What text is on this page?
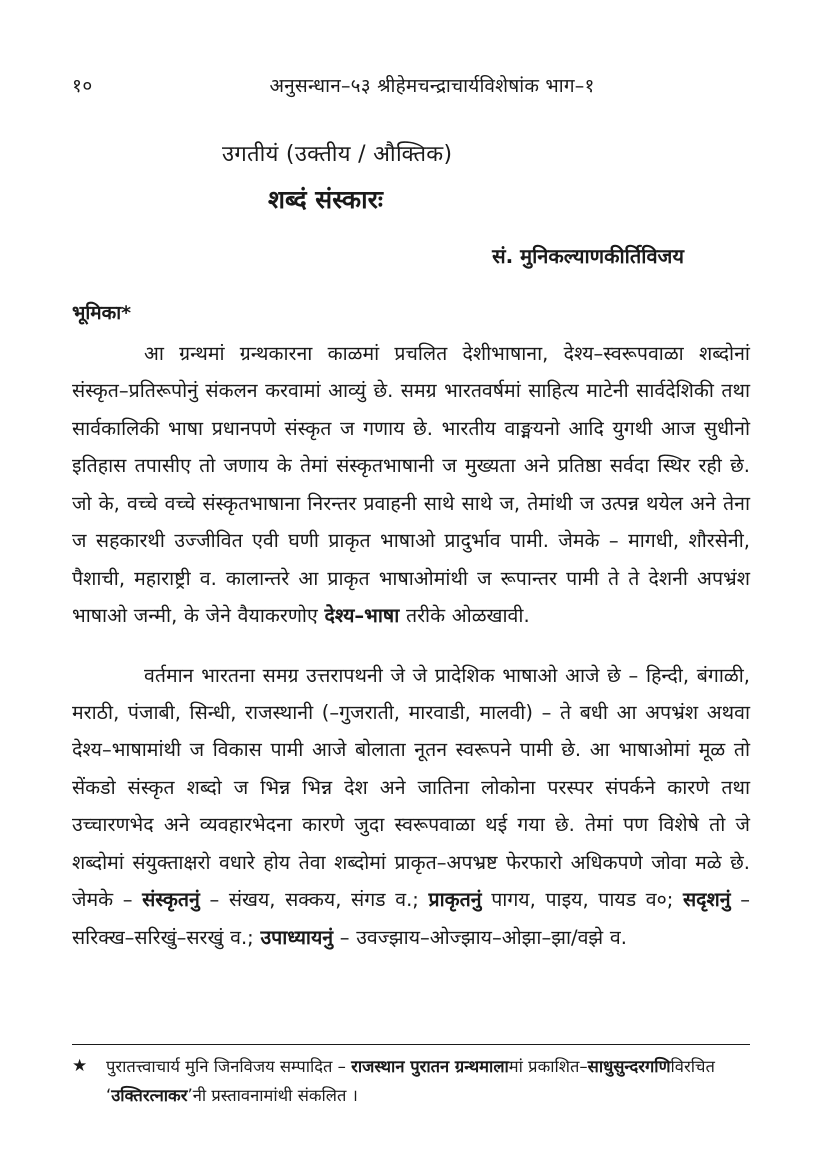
१०	अनुसन्धान–५३ श्रीहेमचन्द्राचार्यविशेषांक भाग–१
उगतीयं (उक्तीय / औक्तिक)
शब्दं संस्कारः
सं. मुनिकल्याणकीर्तिविजय
भूमिका*

आ ग्रन्थमां ग्रन्थकारना काळमां प्रचलित देशीभाषाना, देश्य–स्वरूपवाळा शब्दोनां संस्कृत–प्रतिरूपोनुं संकलन करवामां आव्युं छे. समग्र भारतवर्षमां साहित्य माटेनी सार्वदेशिकी तथा सार्वकालिकी भाषा प्रधानपणे संस्कृत ज गणाय छे. भारतीय वाङ्मयनो आदि युगथी आज सुधीनो इतिहास तपासीए तो जणाय के तेमां संस्कृतभाषानी ज मुख्यता अने प्रतिष्ठा सर्वदा स्थिर रही छे. जो के, वच्चे वच्चे संस्कृतभाषाना निरन्तर प्रवाहनी साथे साथे ज, तेमांथी ज उत्पन्न थयेल अने तेना ज सहकारथी उज्जीवित एवी घणी प्राकृत भाषाओ प्रादुर्भाव पामी. जेमके – मागधी, शौरसेनी, पैशाची, महाराष्ट्री व. कालान्तरे आ प्राकृत भाषाओमांथी ज रूपान्तर पामी ते ते देशनी अपभ्रंश भाषाओ जन्मी, के जेने वैयाकरणोए देश्य–भाषा तरीके ओळखावी.

वर्तमान भारतना समग्र उत्तरापथनी जे जे प्रादेशिक भाषाओ आजे छे – हिन्दी, बंगाळी, मराठी, पंजाबी, सिन्धी, राजस्थानी (–गुजराती, मारवाडी, मालवी) – ते बधी आ अपभ्रंश अथवा देश्य–भाषामांथी ज विकास पामी आजे बोलाता नूतन स्वरूपने पामी छे. आ भाषाओमां मूळ तो सेंकडो संस्कृत शब्दो ज भिन्न भिन्न देश अने जातिना लोकोना परस्पर संपर्कने कारणे तथा उच्चारणभेद अने व्यवहारभेदना कारणे जुदा स्वरूपवाळा थई गया छे. तेमां पण विशेषे तो जे शब्दोमां संयुक्ताक्षरो वधारे होय तेवा शब्दोमां प्राकृत–अपभ्रष्ट फेरफारो अधिकपणे जोवा मळे छे. जेमके – संस्कृतनुं – संखय, सक्कय, संगड व.; प्राकृतनुं पागय, पाइय, पायड व०; सदृशनुं – सरिक्ख–सरिखुं–सरखुं व.; उपाध्यायनुं – उवज्झाय–ओज्झाय–ओझा–झा/वझे व.

★	पुरातत्त्वाचार्य मुनि जिनविजय सम्पादित – राजस्थान पुरातन ग्रन्थमालामां प्रकाशित–साधुसुन्दरगणिविरचित ‘उक्तिरत्नाकर’नी प्रस्तावनामांथी संकलित ।
